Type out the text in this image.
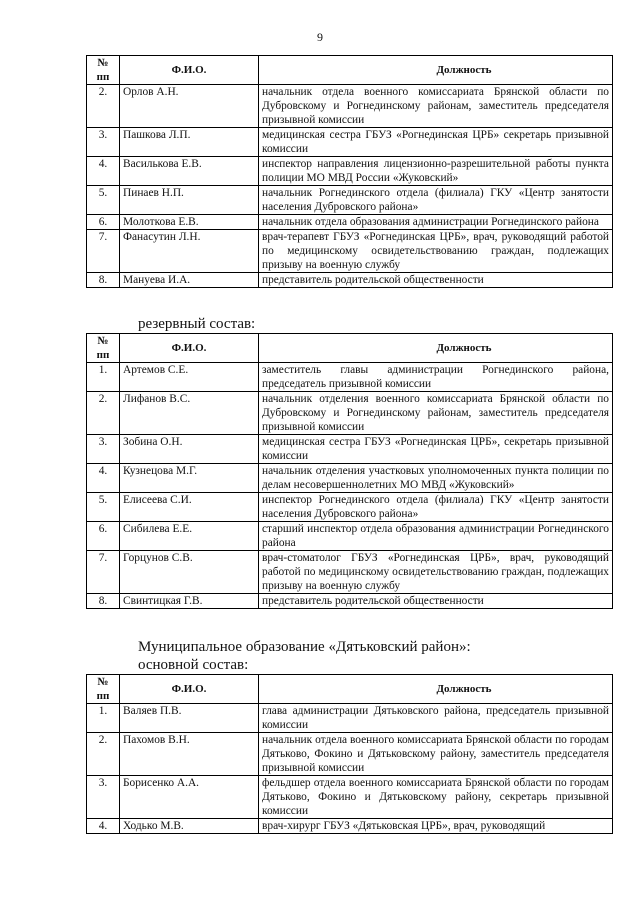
9
№ пп	Ф.И.О.	Должность
2.	Орлов А.Н.	начальник отдела военного комиссариата Брянской области по Дубровскому и Рогнединскому районам, заместитель председателя призывной комиссии
3.	Пашкова Л.П.	медицинская сестра ГБУЗ «Рогнединская ЦРБ» секретарь призывной комиссии
4.	Василькова Е.В.	инспектор направления лицензионно-разрешительной работы пункта полиции МО МВД России «Жуковский»
5.	Пинаев Н.П.	начальник Рогнединского отдела (филиала) ГКУ «Центр занятости населения Дубровского района»
6.	Молоткова Е.В.	начальник отдела образования администрации Рогнединского района
7.	Фанасутин Л.Н.	врач-терапевт ГБУЗ «Рогнединская ЦРБ», врач, руководящий работой по медицинскому освидетельствованию граждан, подлежащих призыву на военную службу
8.	Мануева И.А.	представитель родительской общественности
резервный состав:
№ пп	Ф.И.О.	Должность
1.	Артемов С.Е.	заместитель главы администрации Рогнединского района, председатель призывной комиссии
2.	Лифанов В.С.	начальник отделения военного комиссариата Брянской области по Дубровскому и Рогнединскому районам, заместитель председателя призывной комиссии
3.	Зобина О.Н.	медицинская сестра ГБУЗ «Рогнединская ЦРБ», секретарь призывной комиссии
4.	Кузнецова М.Г.	начальник отделения участковых уполномоченных пункта полиции по делам несовершеннолетних МО МВД «Жуковский»
5.	Елисеева С.И.	инспектор Рогнединского отдела (филиала) ГКУ «Центр занятости населения Дубровского района»
6.	Сибилева Е.Е.	старший инспектор отдела образования администрации Рогнединского района
7.	Горцунов С.В.	врач-стоматолог ГБУЗ «Рогнединская ЦРБ», врач, руководящий работой по медицинскому освидетельствованию граждан, подлежащих призыву на военную службу
8.	Свинтицкая Г.В.	представитель родительской общественности
Муниципальное образование «Дятьковский район»:
основной состав:
№ пп	Ф.И.О.	Должность
1.	Валяев П.В.	глава администрации Дятьковского района, председатель призывной комиссии
2.	Пахомов В.Н.	начальник отдела военного комиссариата Брянской области по городам Дятьково, Фокино и Дятьковскому району, заместитель председателя призывной комиссии
3.	Борисенко А.А.	фельдшер отдела военного комиссариата Брянской области по городам Дятьково, Фокино и Дятьковскому району, секретарь призывной комиссии
4.	Ходько М.В.	врач-хирург ГБУЗ «Дятьковская ЦРБ», врач, руководящий
